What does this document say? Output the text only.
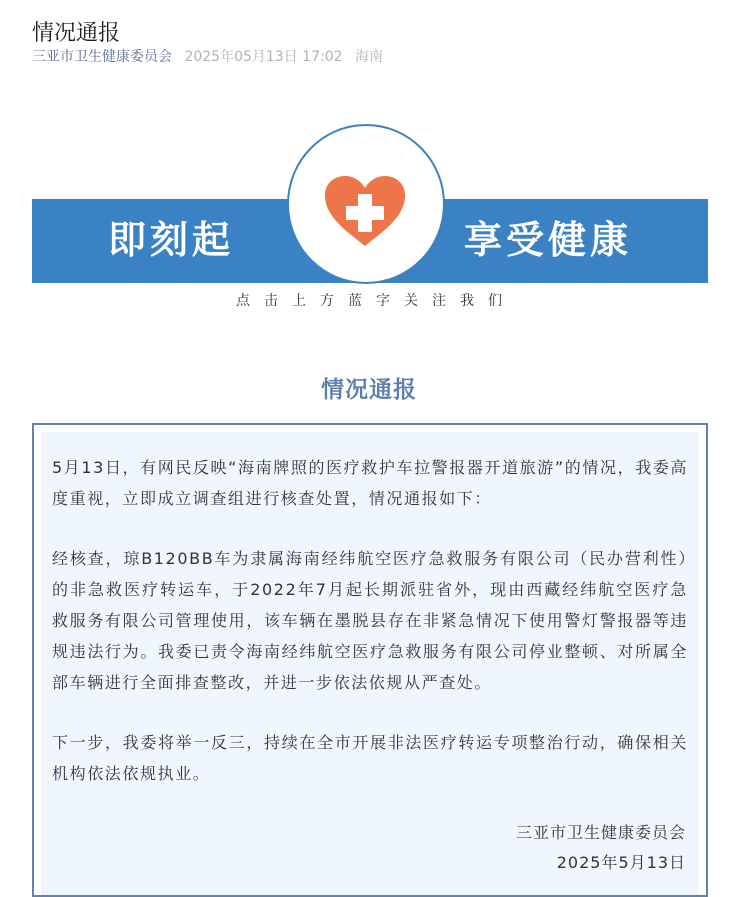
情况通报
三亚市卫生健康委员会 2025年05月13日 17:02 海南
即刻起	享受健康
点击上方蓝字关注我们
情况通报

5月13日，有网民反映“海南牌照的医疗救护车拉警报器开道旅游”的情况，我委高度重视，立即成立调查组进行核查处置，情况通报如下：

经核查，琼B120BB车为隶属海南经纬航空医疗急救服务有限公司（民办营利性）的非急救医疗转运车，于2022年7月起长期派驻省外，现由西藏经纬航空医疗急救服务有限公司管理使用，该车辆在墨脱县存在非紧急情况下使用警灯警报器等违规违法行为。我委已责令海南经纬航空医疗急救服务有限公司停业整顿、对所属全部车辆进行全面排查整改，并进一步依法依规从严查处。

下一步，我委将举一反三，持续在全市开展非法医疗转运专项整治行动，确保相关机构依法依规执业。

三亚市卫生健康委员会
2025年5月13日
